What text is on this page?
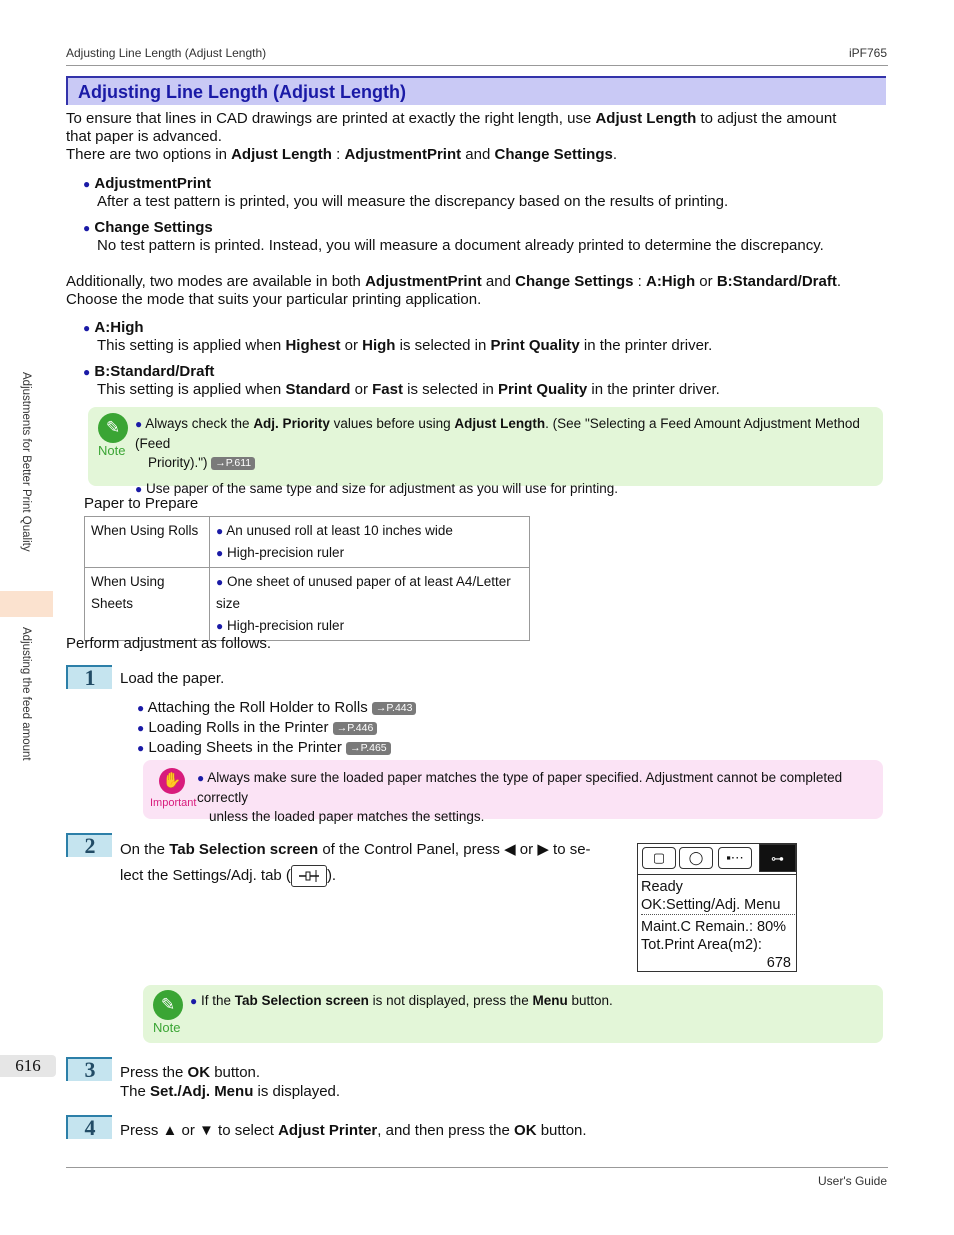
Adjusting Line Length (Adjust Length)	iPF765
Adjusting Line Length (Adjust Length)
To ensure that lines in CAD drawings are printed at exactly the right length, use Adjust Length to adjust the amount
that paper is advanced.
There are two options in Adjust Length : AdjustmentPrint and Change Settings.
● AdjustmentPrint
After a test pattern is printed, you will measure the discrepancy based on the results of printing.
● Change Settings
No test pattern is printed. Instead, you will measure a document already printed to determine the discrepancy.
Additionally, two modes are available in both AdjustmentPrint and Change Settings : A:High or B:Standard/Draft.
Choose the mode that suits your particular printing application.
● A:High
This setting is applied when Highest or High is selected in Print Quality in the printer driver.
● B:Standard/Draft
This setting is applied when Standard or Fast is selected in Print Quality in the printer driver.
✎
Note
● Always check the Adj. Priority values before using Adjust Length. (See "Selecting a Feed Amount Adjustment Method (Feed
Priority).") →P.611
● Use paper of the same type and size for adjustment as you will use for printing.
Paper to Prepare
When Using Rolls	● An unused roll at least 10 inches wide
● High-precision ruler

When Using Sheets	● One sheet of unused paper of at least A4/Letter size
● High-precision ruler
Perform adjustment as follows.
1	Load the paper.
● Attaching the Roll Holder to Rolls →P.443
● Loading Rolls in the Printer →P.446
● Loading Sheets in the Printer →P.465
✋
Important
● Always make sure the loaded paper matches the type of paper specified. Adjustment cannot be completed correctly
unless the loaded paper matches the settings.
2	On the Tab Selection screen of the Control Panel, press ◀ or ▶ to se-
lect the Settings/Adj. tab ( ).
▢	◯	▪⋯	⊶
Ready
OK:Setting/Adj. Menu
Maint.C Remain.: 80%
Tot.Print Area(m2):
678
✎
Note
● If the Tab Selection screen is not displayed, press the Menu button.
3	Press the OK button.
The Set./Adj. Menu is displayed.
4	Press ▲ or ▼ to select Adjust Printer, and then press the OK button.
Adjustments for Better Print Quality
Adjusting the feed amount
616
User's Guide
